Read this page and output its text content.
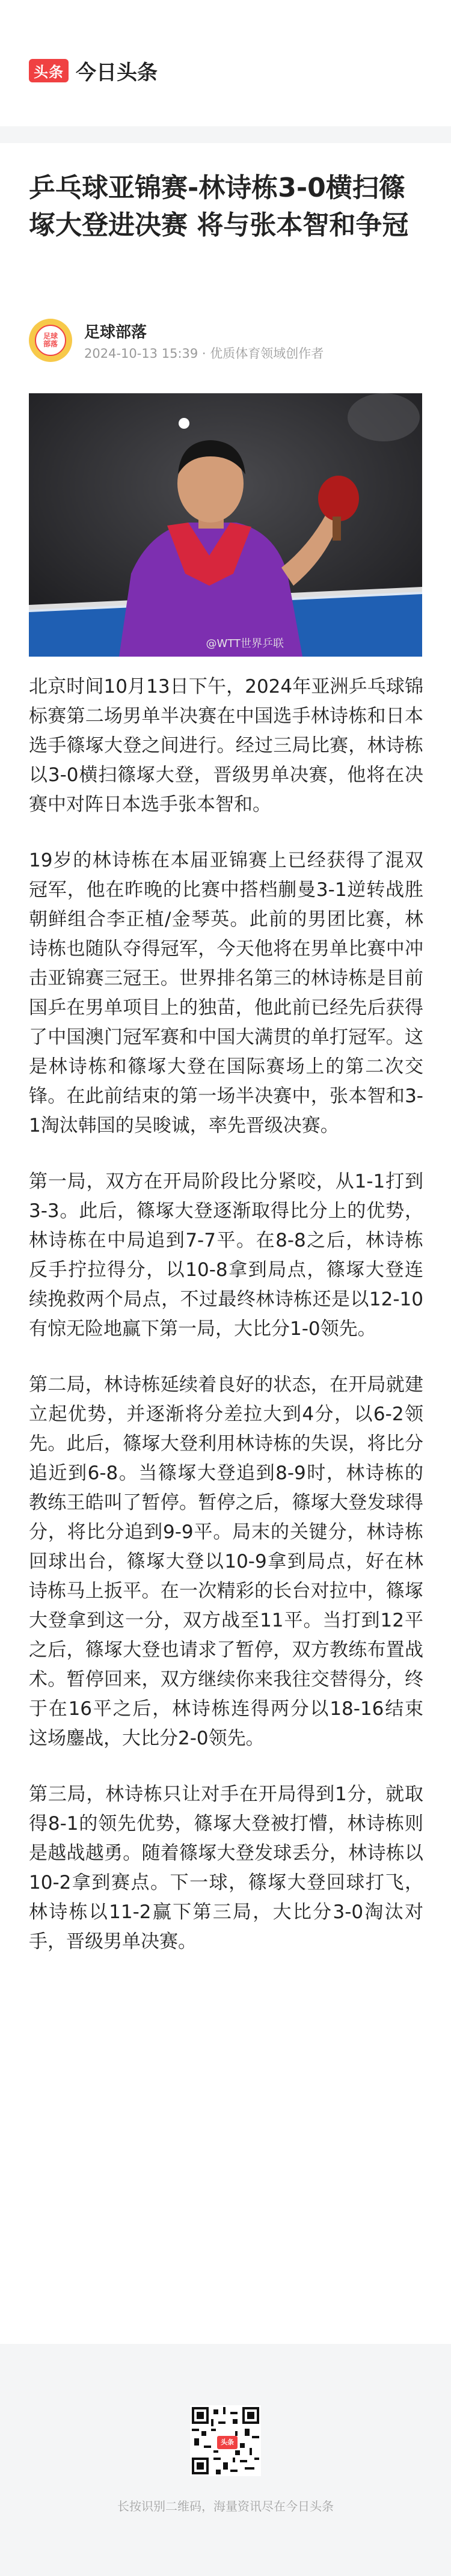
头条 今日头条
乒乓球亚锦赛-林诗栋3-0横扫篠塚大登进决赛 将与张本智和争冠
足球
部落
足球部落
2024-10-13 15:39 · 优质体育领域创作者
@WTT世界乒联

北京时间10月13日下午，2024年亚洲乒乓球锦标赛第二场男单半决赛在中国选手林诗栋和日本选手篠塚大登之间进行。经过三局比赛，林诗栋以3-0横扫篠塚大登，晋级男单决赛，他将在决赛中对阵日本选手张本智和。

19岁的林诗栋在本届亚锦赛上已经获得了混双冠军，他在昨晚的比赛中搭档蒯曼3-1逆转战胜朝鲜组合李正植/金琴英。此前的男团比赛，林诗栋也随队夺得冠军，今天他将在男单比赛中冲击亚锦赛三冠王。世界排名第三的林诗栋是目前国乒在男单项目上的独苗，他此前已经先后获得了中国澳门冠军赛和中国大满贯的单打冠军。这是林诗栋和篠塚大登在国际赛场上的第二次交锋。在此前结束的第一场半决赛中，张本智和3-1淘汰韩国的吴晙诚，率先晋级决赛。

第一局，双方在开局阶段比分紧咬，从1-1打到3-3。此后，篠塚大登逐渐取得比分上的优势，林诗栋在中局追到7-7平。在8-8之后，林诗栋反手拧拉得分，以10-8拿到局点，篠塚大登连续挽救两个局点，不过最终林诗栋还是以12-10有惊无险地赢下第一局，大比分1-0领先。

第二局，林诗栋延续着良好的状态，在开局就建立起优势，并逐渐将分差拉大到4分，以6-2领先。此后，篠塚大登利用林诗栋的失误，将比分追近到6-8。当篠塚大登追到8-9时，林诗栋的教练王皓叫了暂停。暂停之后，篠塚大登发球得分，将比分追到9-9平。局末的关键分，林诗栋回球出台，篠塚大登以10-9拿到局点，好在林诗栋马上扳平。在一次精彩的长台对拉中，篠塚大登拿到这一分，双方战至11平。当打到12平之后，篠塚大登也请求了暂停，双方教练布置战术。暂停回来，双方继续你来我往交替得分，终于在16平之后，林诗栋连得两分以18-16结束这场鏖战，大比分2-0领先。

第三局，林诗栋只让对手在开局得到1分，就取得8-1的领先优势，篠塚大登被打懵，林诗栋则是越战越勇。随着篠塚大登发球丢分，林诗栋以10-2拿到赛点。下一球，篠塚大登回球打飞，林诗栋以11-2赢下第三局，大比分3-0淘汰对手，晋级男单决赛。

头条
长按识别二维码，海量资讯尽在今日头条
